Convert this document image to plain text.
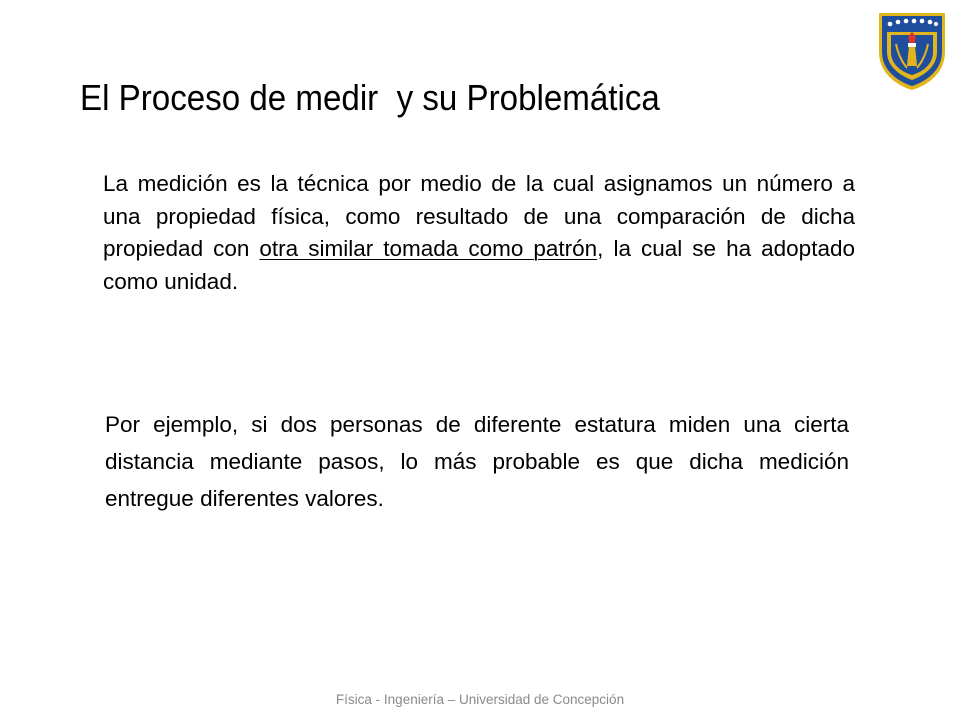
El Proceso de medir  y su Problemática

La medición es la técnica por medio de la cual asignamos un número a una propiedad física, como resultado de una comparación de dicha propiedad con otra similar tomada como patrón, la cual se ha adoptado como unidad.

Por ejemplo, si dos personas de diferente estatura miden una cierta distancia mediante pasos, lo más probable es que dicha medición entregue diferentes valores.

Física - Ingeniería – Universidad de Concepción
